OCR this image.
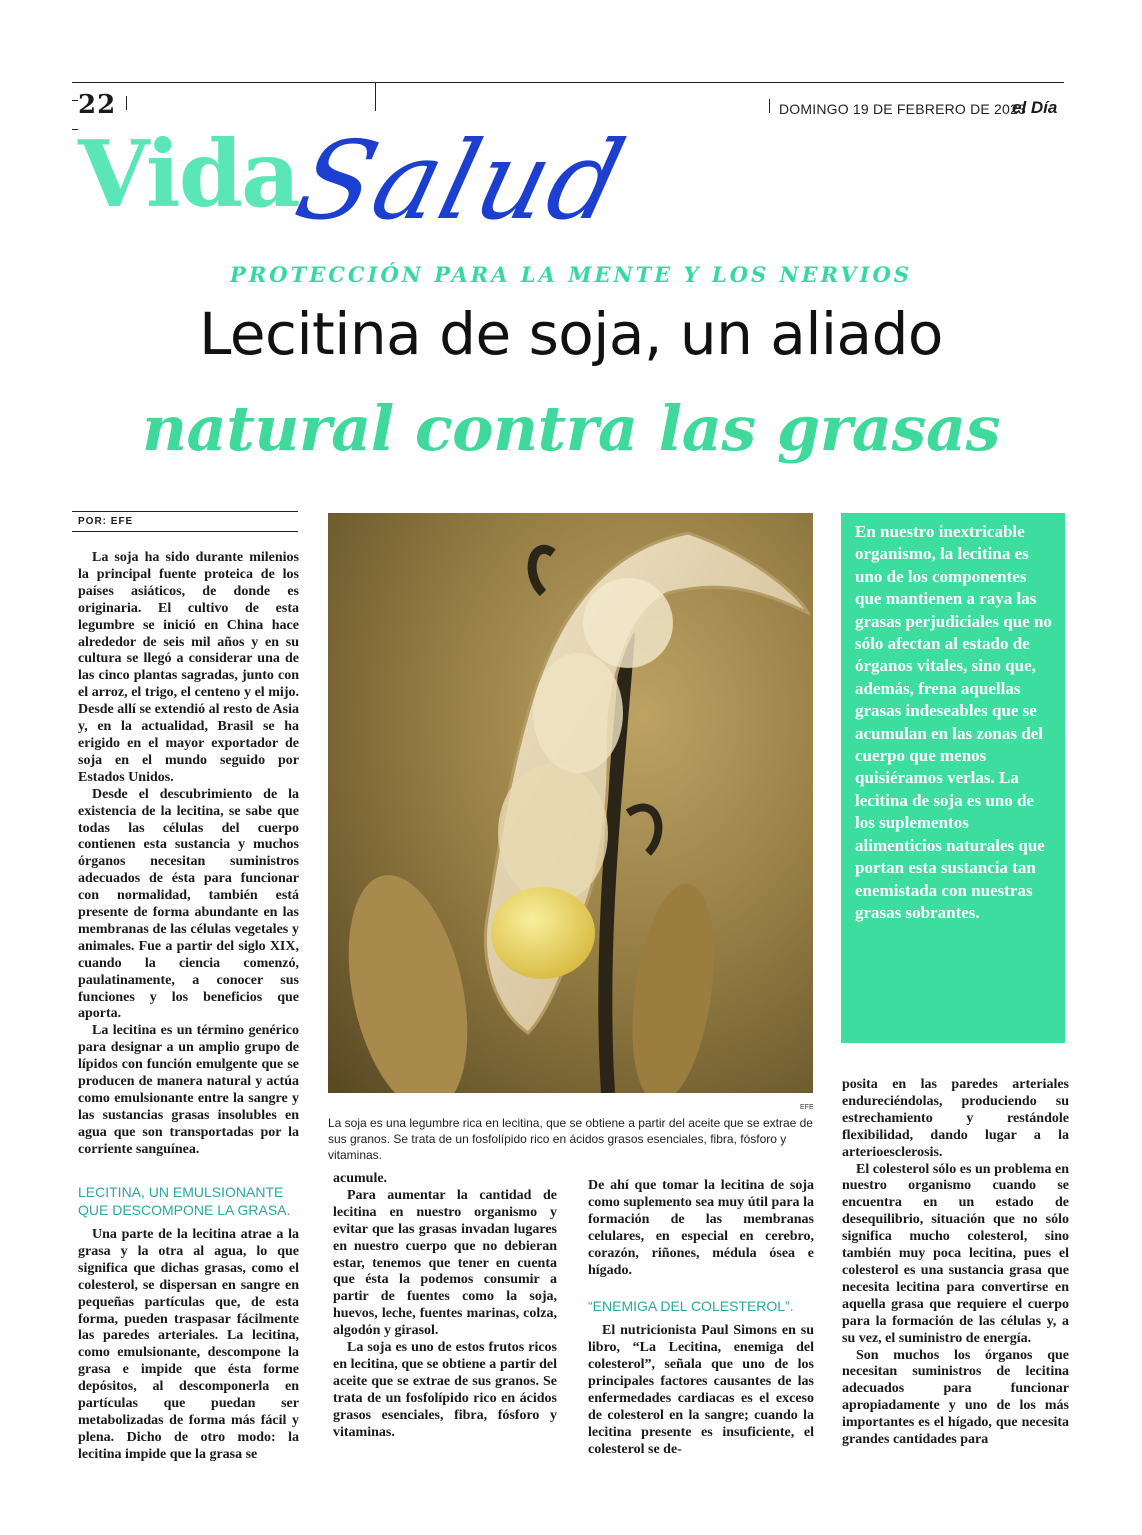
22	DOMINGO 19 DE FEBRERO DE 2023
el Día
Vida
Salud
PROTECCIÓN PARA LA MENTE Y LOS NERVIOS
Lecitina de soja, un aliado
natural contra las grasas
POR: EFE

La soja ha sido durante milenios la principal fuente proteica de los países asiáticos, de donde es originaria. El cultivo de esta legumbre se inició en China hace alrededor de seis mil años y en su cultura se llegó a considerar una de las cinco plantas sagradas, junto con el arroz, el trigo, el centeno y el mijo. Desde allí se extendió al resto de Asia y, en la actualidad, Brasil se ha erigido en el mayor exportador de soja en el mundo seguido por Estados Unidos.

Desde el descubrimiento de la existencia de la lecitina, se sabe que todas las células del cuerpo contienen esta sustancia y muchos órganos necesitan suministros adecuados de ésta para funcionar con normalidad, también está presente de forma abundante en las membranas de las células vegetales y animales. Fue a partir del siglo XIX, cuando la ciencia comenzó, paulatinamente, a conocer sus funciones y los beneficios que aporta.

La lecitina es un término genérico para designar a un amplio grupo de lípidos con función emulgente que se producen de manera natural y actúa como emulsionante entre la sangre y las sustancias grasas insolubles en agua que son transportadas por la corriente sanguínea.

EFE
La soja es una legumbre rica en lecitina, que se obtiene a partir del aceite que se extrae de sus granos. Se trata de un fosfolípido rico en ácidos grasos esenciales, fibra, fósforo y vitaminas.
En nuestro inextricable organismo, la lecitina es uno de los componentes que mantienen a raya las grasas perjudiciales que no sólo afectan al estado de órganos vitales, sino que, además, frena aquellas grasas indeseables que se acumulan en las zonas del cuerpo que menos quisiéramos verlas. La lecitina de soja es uno de los suplementos alimenticios naturales que portan esta sustancia tan enemistada con nuestras grasas sobrantes.
LECITINA, UN EMULSIONANTE QUE DESCOMPONE LA GRASA.

Una parte de la lecitina atrae a la grasa y la otra al agua, lo que significa que dichas grasas, como el colesterol, se dispersan en sangre en pequeñas partículas que, de esta forma, pueden traspasar fácilmente las paredes arteriales. La lecitina, como emulsionante, descompone la grasa e impide que ésta forme depósitos, al descomponerla en partículas que puedan ser metabolizadas de forma más fácil y plena. Dicho de otro modo: la lecitina impide que la grasa se

acumule.

Para aumentar la cantidad de lecitina en nuestro organismo y evitar que las grasas invadan lugares en nuestro cuerpo que no debieran estar, tenemos que tener en cuenta que ésta la podemos consumir a partir de fuentes como la soja, huevos, leche, fuentes marinas, colza, algodón y girasol.

La soja es uno de estos frutos ricos en lecitina, que se obtiene a partir del aceite que se extrae de sus granos. Se trata de un fosfolípido rico en ácidos grasos esenciales, fibra, fósforo y vitaminas.

De ahí que tomar la lecitina de soja como suplemento sea muy útil para la formación de las membranas celulares, en especial en cerebro, corazón, riñones, médula ósea e hígado.

“ENEMIGA DEL COLESTEROL”.

El nutricionista Paul Simons en su libro, “La Lecitina, enemiga del colesterol”, señala que uno de los principales factores causantes de las enfermedades cardiacas es el exceso de colesterol en la sangre; cuando la lecitina presente es insuficiente, el colesterol se de-

posita en las paredes arteriales endureciéndolas, produciendo su estrechamiento y restándole flexibilidad, dando lugar a la arterioesclerosis.

El colesterol sólo es un problema en nuestro organismo cuando se encuentra en un estado de desequilibrio, situación que no sólo significa mucho colesterol, sino también muy poca lecitina, pues el colesterol es una sustancia grasa que necesita lecitina para convertirse en aquella grasa que requiere el cuerpo para la formación de las células y, a su vez, el suministro de energía.

Son muchos los órganos que necesitan suministros de lecitina adecuados para funcionar apropiadamente y uno de los más importantes es el hígado, que necesita grandes cantidades para
